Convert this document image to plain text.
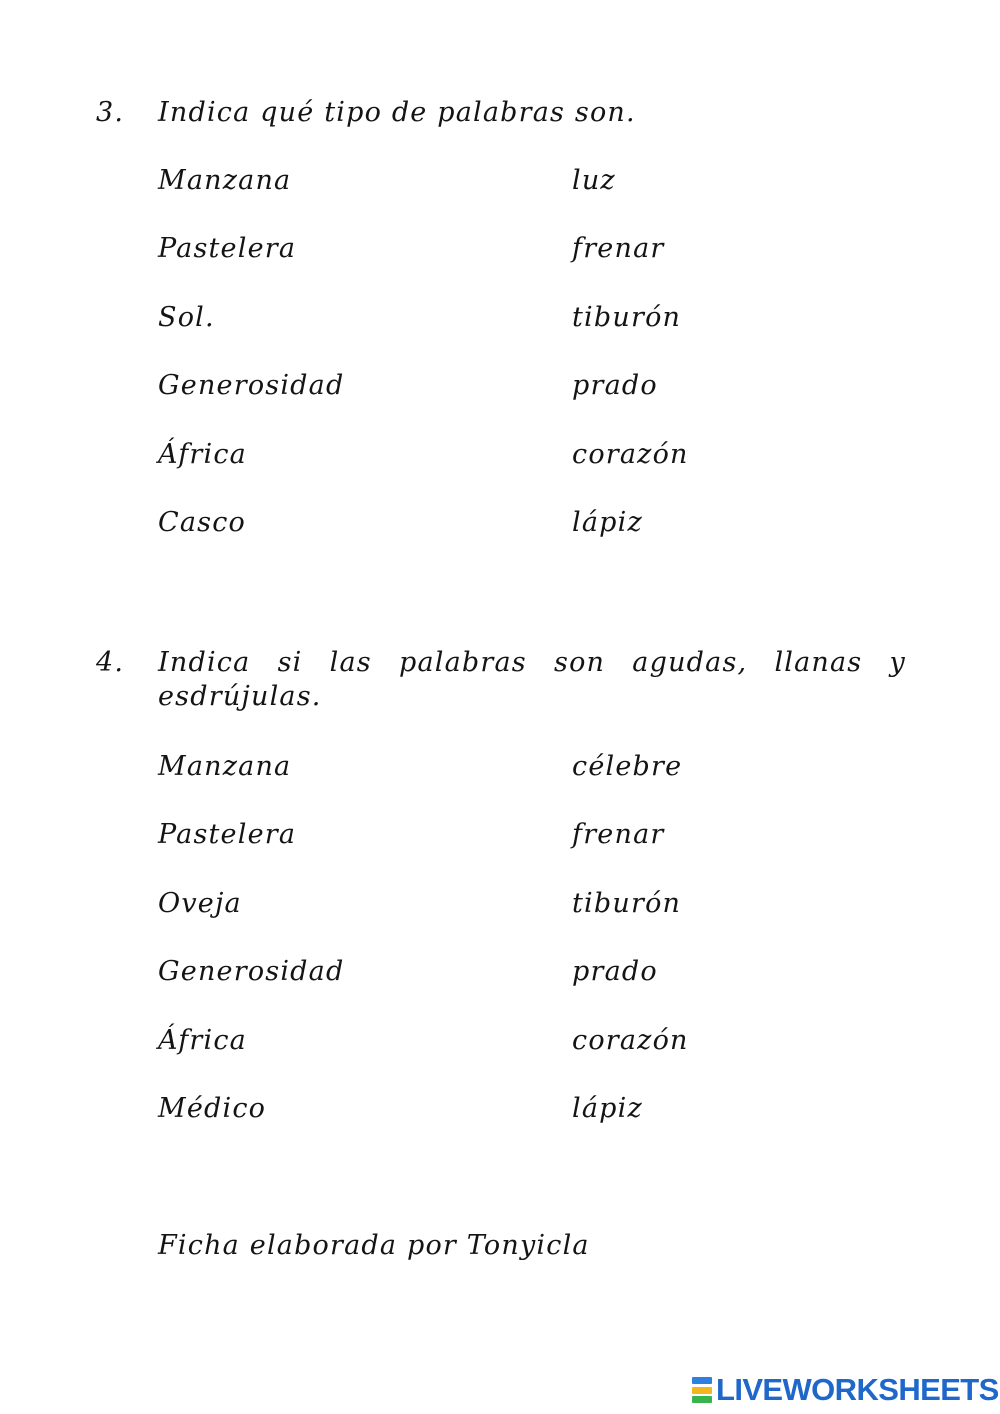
3. Indica qué tipo de palabras son.
Manzana	luz
Pastelera	frenar
Sol.	tiburón
Generosidad	prado
África	corazón
Casco	lápiz
4. Indica si las palabras son agudas, llanas y esdrújulas.
Manzana	célebre
Pastelera	frenar
Oveja	tiburón
Generosidad	prado
África	corazón
Médico	lápiz
Ficha elaborada por Tonyicla
LIVEWORKSHEETS
